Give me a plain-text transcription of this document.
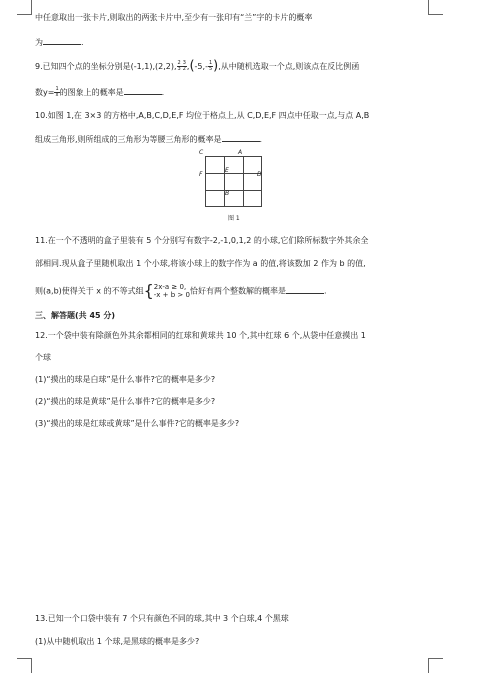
中任意取出一张卡片,则取出的两张卡片中,至少有一张印有“兰”字的卡片的概率
为	.
9.已知四个点的坐标分别是(-1,1),(2,2), $\frac{2}{3} \frac{3}{2} ,(-5,- \frac{1}{5}$ ),从中随机选取一个点,则该点在反比例函
数$y= \frac{1}{x}$ 的图象上的概率是	.
10.如图 1,在 3×3 的方格中,A,B,C,D,E,F 均位于格点上,从 C,D,E,F 四点中任取一点,与点 A,B
组成三角形,则所组成的三角形为等腰三角形的概率是	.
C	A
F
E
D
B
图 1
11.在一个不透明的盒子里装有 5 个分别写有数字-2,-1,0,1,2 的小球,它们除所标数字外其余全
部相同.现从盒子里随机取出 1 个小球,将该小球上的数字作为 a 的值,将该数加 2 作为 b 的值,
则(a,b)使得关于 x 的不等式组{ 2x-a ≥ 0,
-x + b > 0 恰好有两个整数解的概率是	.
三、解答题(共 45 分)
12.一个袋中装有除颜色外其余都相同的红球和黄球共 10 个,其中红球 6 个,从袋中任意摸出 1
个球
(1)“摸出的球是白球”是什么事件?它的概率是多少?
(2)“摸出的球是黄球”是什么事件?它的概率是多少?
(3)“摸出的球是红球或黄球”是什么事件?它的概率是多少?
13.已知一个口袋中装有 7 个只有颜色不同的球,其中 3 个白球,4 个黑球
(1)从中随机取出 1 个球,是黑球的概率是多少?
